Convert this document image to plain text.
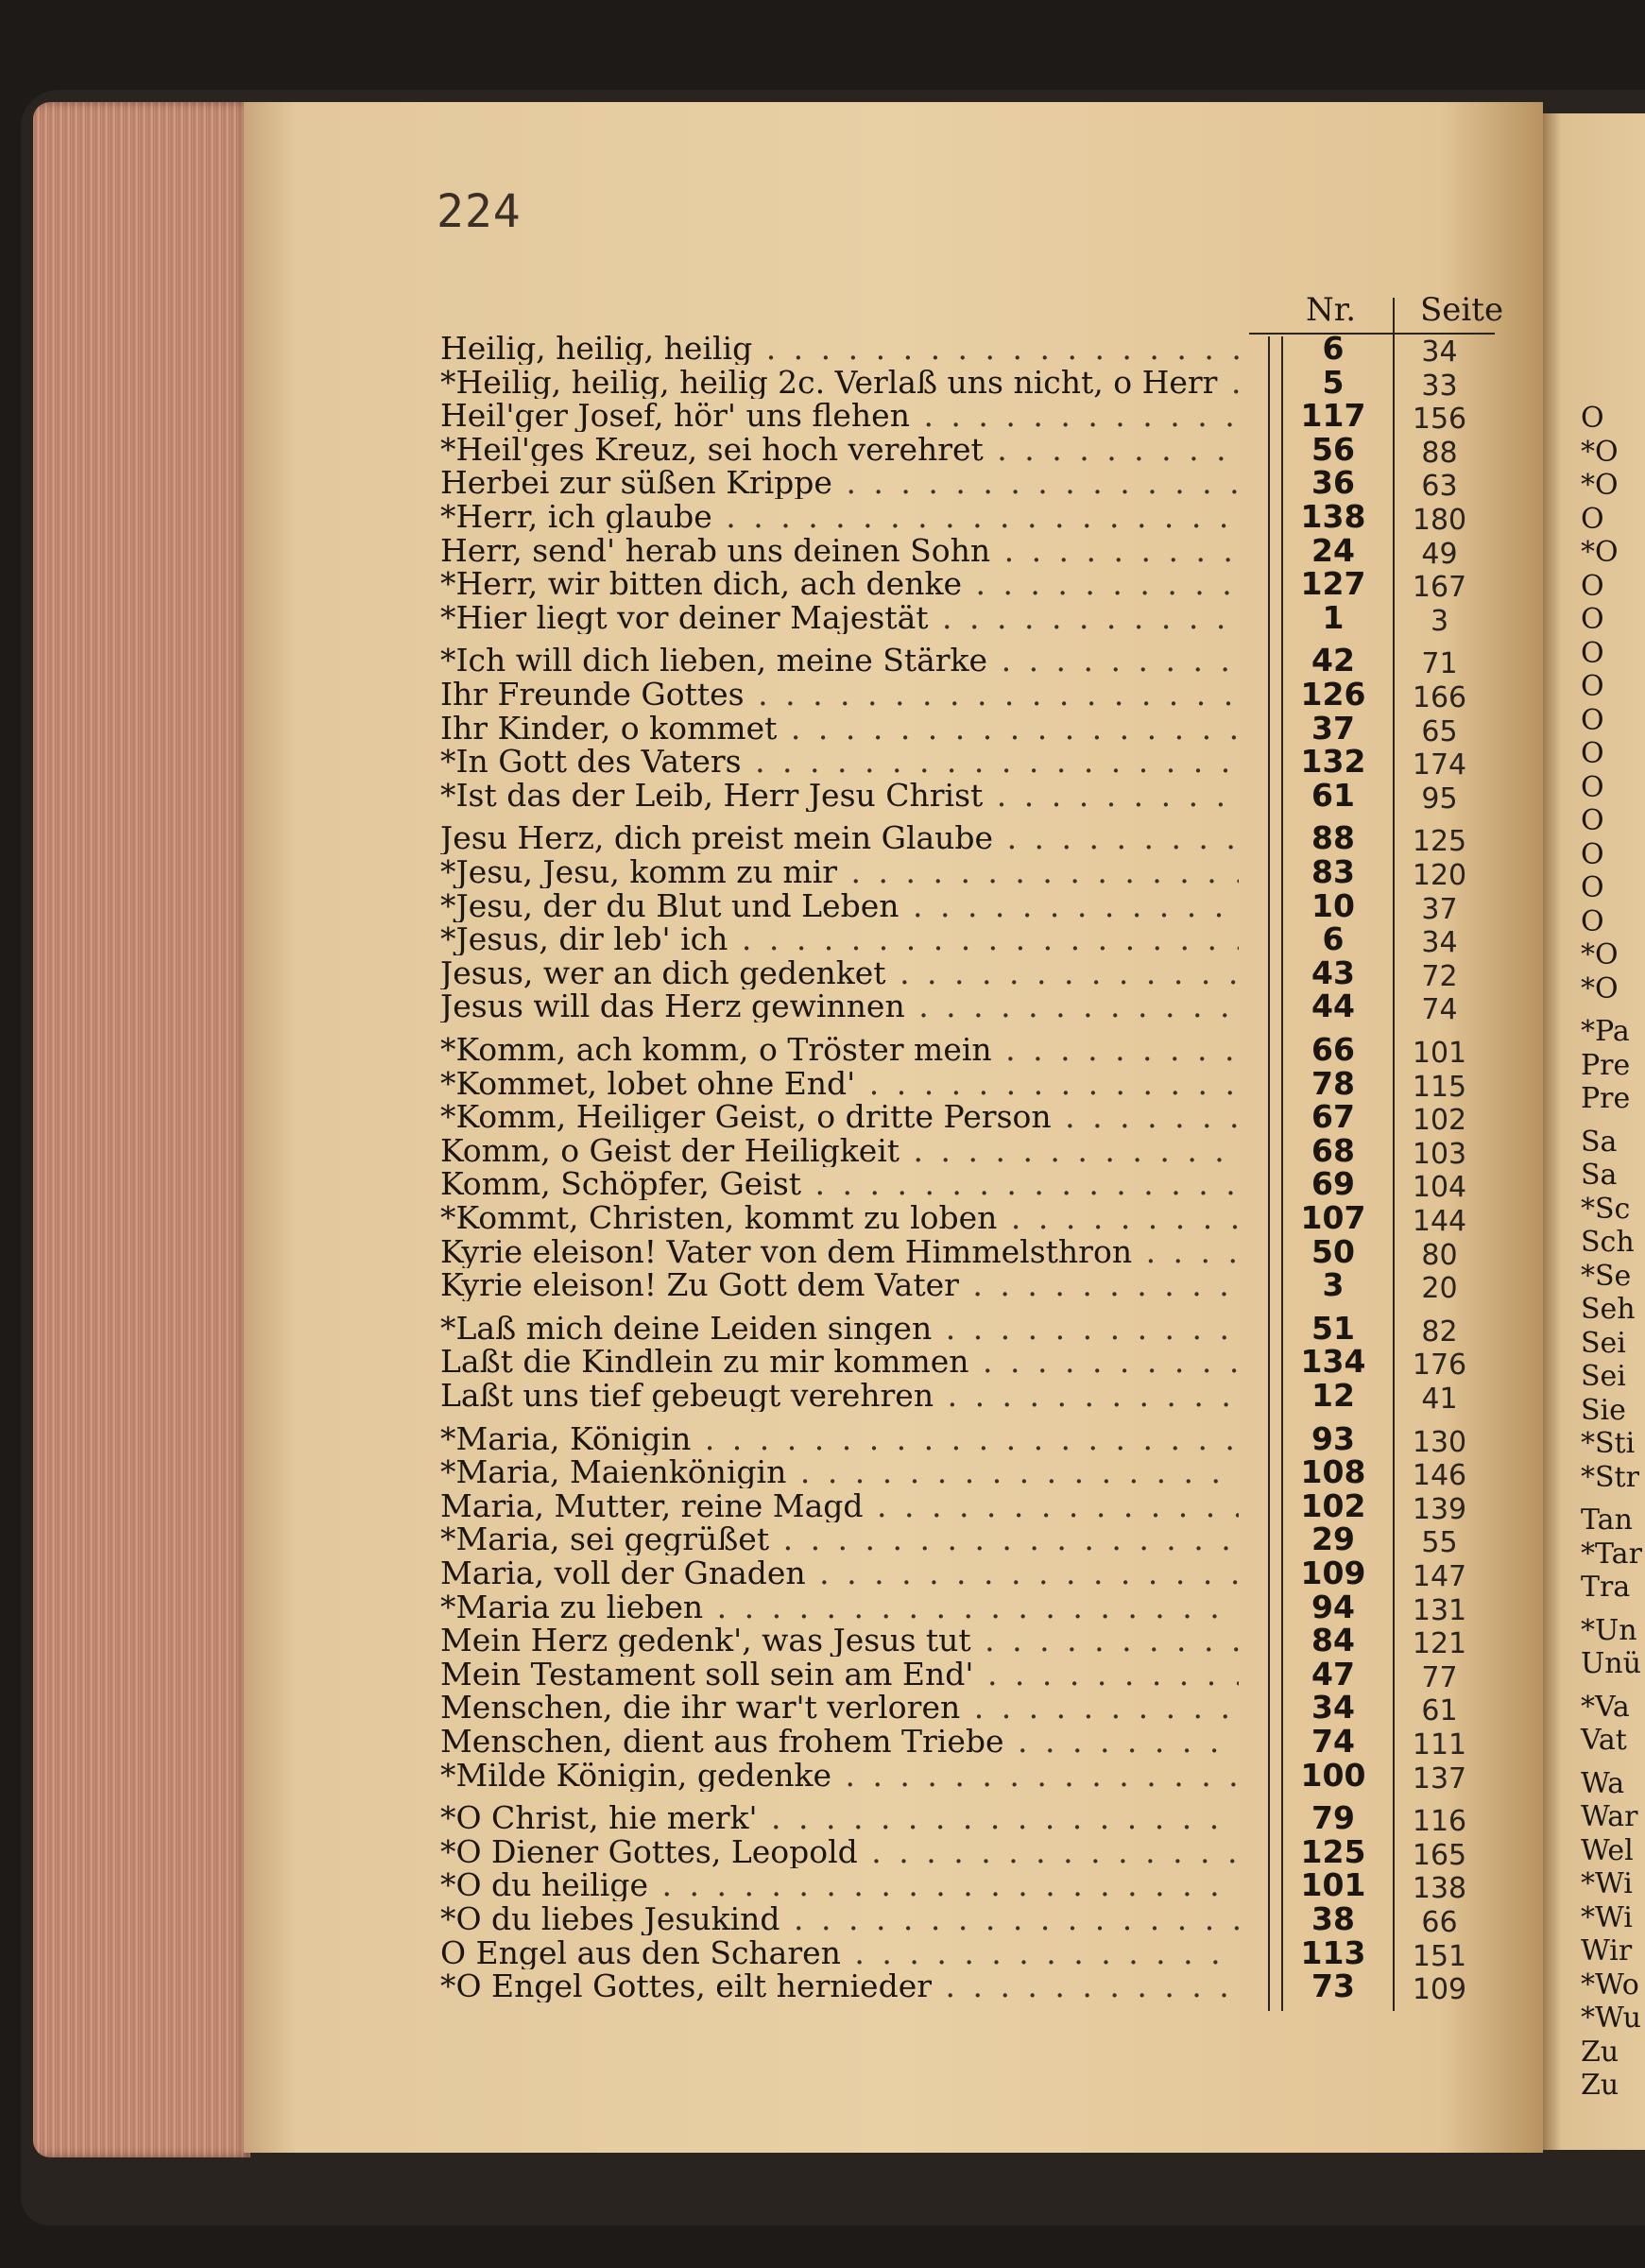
O
*O
*O
O
*O
O
O
O
O
O
O
O
O
O
O
O
*O
*O
*Pa
Pre
Pre
Sa
Sa
*Sc
Sch
*Se
Seh
Sei
Sei
Sie
*Sti
*Str
Tan
*Tar
Tra
*Un
Unü
*Va
Vat
Wa
War
Wel
*Wi
*Wi
Wir
*Wo
*Wu
Zu
Zu
224
Nr. Seite
Heilig, heilig, heilig . . .	6	34
*Heilig, heilig, heilig 2c. Verlaß uns nicht, o Herr . . .	5	33
Heil'ger Josef, hör' uns flehen . . .	117	156
*Heil'ges Kreuz, sei hoch verehret . . .	56	88
Herbei zur süßen Krippe . . .	36	63
*Herr, ich glaube . . .	138	180
Herr, send' herab uns deinen Sohn . . .	24	49
*Herr, wir bitten dich, ach denke . . .	127	167
*Hier liegt vor deiner Majestät . . .	1	3
*Ich will dich lieben, meine Stärke . . .	42	71
Ihr Freunde Gottes . . .	126	166
Ihr Kinder, o kommet . . .	37	65
*In Gott des Vaters . . .	132	174
*Ist das der Leib, Herr Jesu Christ . . .	61	95
Jesu Herz, dich preist mein Glaube . . .	88	125
*Jesu, Jesu, komm zu mir . . .	83	120
*Jesu, der du Blut und Leben . . .	10	37
*Jesus, dir leb' ich . . .	6	34
Jesus, wer an dich gedenket . . .	43	72
Jesus will das Herz gewinnen . . .	44	74
*Komm, ach komm, o Tröster mein . . .	66	101
*Kommet, lobet ohne End' . . .	78	115
*Komm, Heiliger Geist, o dritte Person . . .	67	102
Komm, o Geist der Heiligkeit . . .	68	103
Komm, Schöpfer, Geist . . .	69	104
*Kommt, Christen, kommt zu loben . . .	107	144
Kyrie eleison! Vater von dem Himmelsthron . . .	50	80
Kyrie eleison! Zu Gott dem Vater . . .	3	20
*Laß mich deine Leiden singen . . .	51	82
Laßt die Kindlein zu mir kommen . . .	134	176
Laßt uns tief gebeugt verehren . . .	12	41
*Maria, Königin . . .	93	130
*Maria, Maienkönigin . . .	108	146
Maria, Mutter, reine Magd . . .	102	139
*Maria, sei gegrüßet . . .	29	55
Maria, voll der Gnaden . . .	109	147
*Maria zu lieben . . .	94	131
Mein Herz gedenk', was Jesus tut . . .	84	121
Mein Testament soll sein am End' . . .	47	77
Menschen, die ihr war't verloren . . .	34	61
Menschen, dient aus frohem Triebe . . .	74	111
*Milde Königin, gedenke . . .	100	137
*O Christ, hie merk' . . .	79	116
*O Diener Gottes, Leopold . . .	125	165
*O du heilige . . .	101	138
*O du liebes Jesukind . . .	38	66
O Engel aus den Scharen . . .	113	151
*O Engel Gottes, eilt hernieder . . .	73	109
